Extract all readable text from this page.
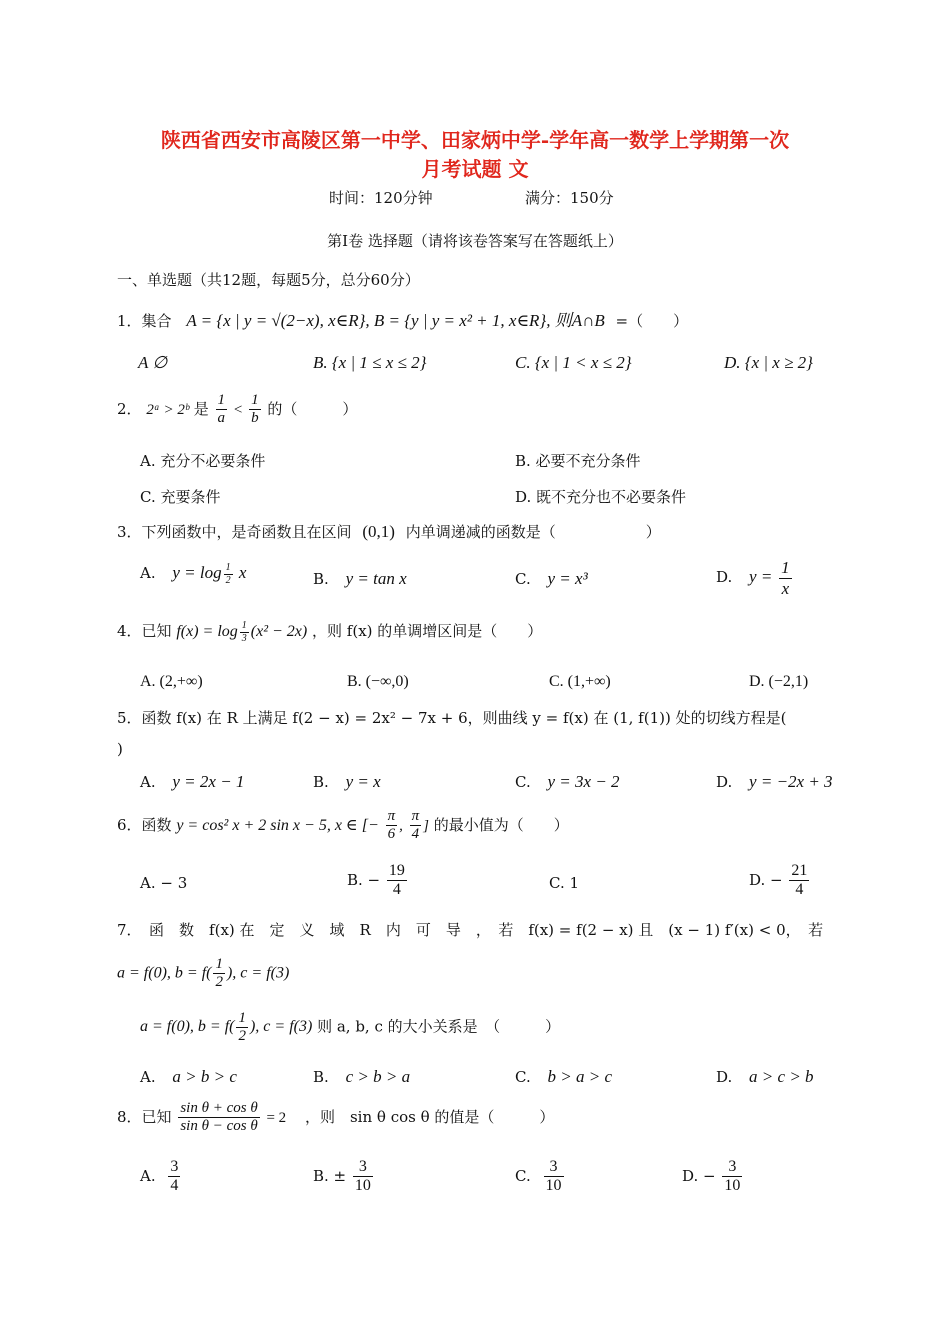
陕西省西安市高陵区第一中学、田家炳中学-学年高一数学上学期第一次
月考试题 文
时间：120分钟	满分：150分
第Ⅰ卷 选择题（请将该卷答案写在答题纸上）
一、单选题（共12题，每题5分，总分60分）
1．集合 A = {x | y = √(2−x), x∈R}, B = {y | y = x² + 1, x∈R}, 则A∩B =（　　）
A ∅	B. {x | 1 ≤ x ≤ 2}	C. {x | 1 < x ≤ 2}	D. {x | x ≥ 2}
2． 2ᵃ > 2ᵇ 是 $\frac{1}{a} < \frac{1}{b}$ 的（　　　）
A. 充分不必要条件	B. 必要不充分条件
C. 充要条件	D. 既不充分也不必要条件
3．下列函数中，是奇函数且在区间 (0,1) 内单调递减的函数是（　　　　　　）
A. $y = \log \frac{1}{2}$ x	B. y = tan x	C. y = x³	D. $y = \frac{1}{x}$
4．已知 $f(x) = \log \frac{1}{3} (x^2 - 2x)$ ，则 f(x) 的单调增区间是（　　）
A. (2,+∞)	B. (−∞,0)	C. (1,+∞)	D. (−2,1)
5．函数 f(x) 在 R 上满足 f(2 − x) = 2x² − 7x + 6，则曲线 y = f(x) 在 (1, f(1)) 处的切线方程是(
)
A. y = 2x − 1	B. y = x	C. y = 3x − 2	D. y = −2x + 3
6．函数 y = cos² x + 2 sin x − 5, x ∈ [− $\frac{\pi}{6}$ , $\frac{\pi}{4}$ ] 的最小值为（　　）
A. − 3	B. − $\frac{19}{4}$	C. 1	D. − $\frac{21}{4}$
7．　函　数　f(x) 在　定　义　域　R　内　可　导　，　若　f(x) = f(2 − x) 且　(x − 1) f′(x) < 0，　若
a = f(0), $b = f( \frac{1}{2}$ ), c = f(3)
a = f(0), $b = f( \frac{1}{2}$ ), c = f(3) 则 a, b, c 的大小关系是　（　　　）
A. a > b > c	B. c > b > a	C. b > a > c	D. a > c > b
8．已知 $\frac{\text{sin θ + cos θ}}{\text{sin θ − cos θ}} = 2$ ，则　sin θ cos θ 的值是（　　　）
A. $\frac{3}{4}$	B. ± $\frac{3}{10}$	C. $\frac{3}{10}$	D. − $\frac{3}{10}$
